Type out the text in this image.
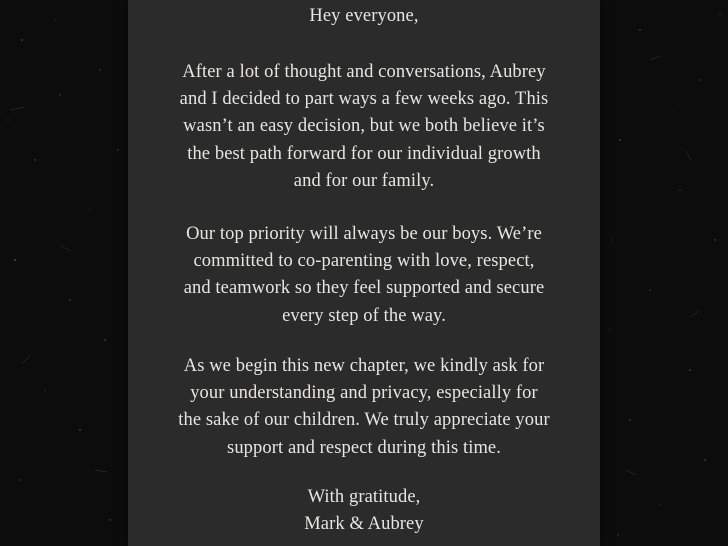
Hey everyone,
After a lot of thought and conversations, Aubrey
and I decided to part ways a few weeks ago. This
wasn’t an easy decision, but we both believe it’s
the best path forward for our individual growth
and for our family.
Our top priority will always be our boys. We’re
committed to co-parenting with love, respect,
and teamwork so they feel supported and secure
every step of the way.
As we begin this new chapter, we kindly ask for
your understanding and privacy, especially for
the sake of our children. We truly appreciate your
support and respect during this time.
With gratitude,
Mark & Aubrey
